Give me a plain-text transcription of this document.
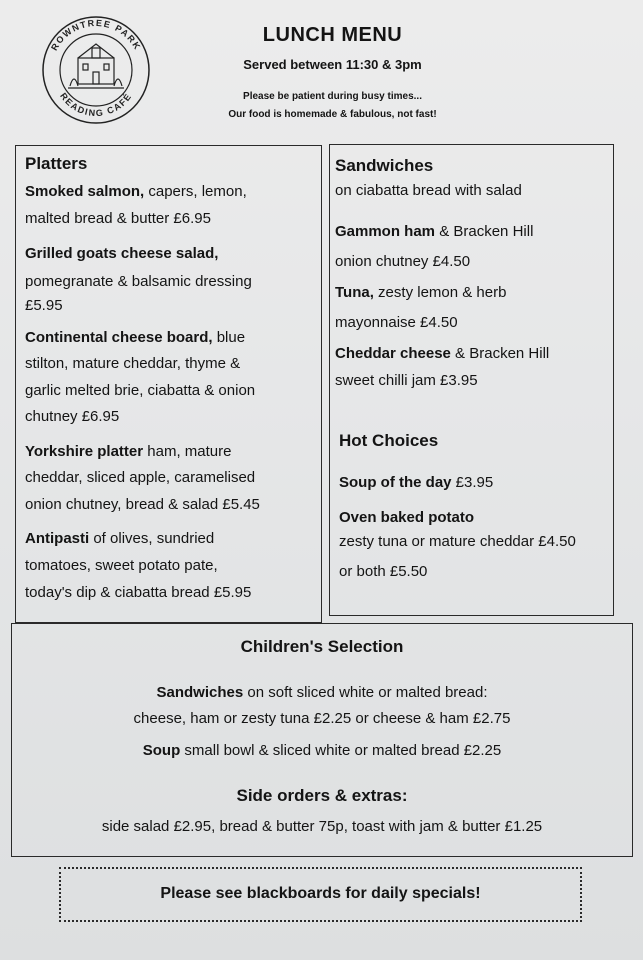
ROWNTREE PARK
READING CAFÉ
LUNCH MENU
Served between 11:30 & 3pm
Please be patient during busy times...
Our food is homemade & fabulous, not fast!
Platters
Smoked salmon, capers, lemon,
malted bread & butter £6.95
Grilled goats cheese salad,
pomegranate & balsamic dressing
£5.95
Continental cheese board, blue
stilton, mature cheddar, thyme &
garlic melted brie, ciabatta & onion
chutney £6.95
Yorkshire platter ham, mature
cheddar, sliced apple, caramelised
onion chutney, bread & salad £5.45
Antipasti of olives, sundried
tomatoes, sweet potato pate,
today's dip & ciabatta bread £5.95
Sandwiches
on ciabatta bread with salad
Gammon ham & Bracken Hill
onion chutney £4.50
Tuna, zesty lemon & herb
mayonnaise £4.50
Cheddar cheese & Bracken Hill
sweet chilli jam £3.95
Hot Choices
Soup of the day £3.95
Oven baked potato
zesty tuna or mature cheddar £4.50
or both £5.50
Children's Selection
Sandwiches on soft sliced white or malted bread:
cheese, ham or zesty tuna £2.25 or cheese & ham £2.75
Soup small bowl & sliced white or malted bread £2.25
Side orders & extras:
side salad £2.95, bread & butter 75p, toast with jam & butter £1.25
Please see blackboards for daily specials!
